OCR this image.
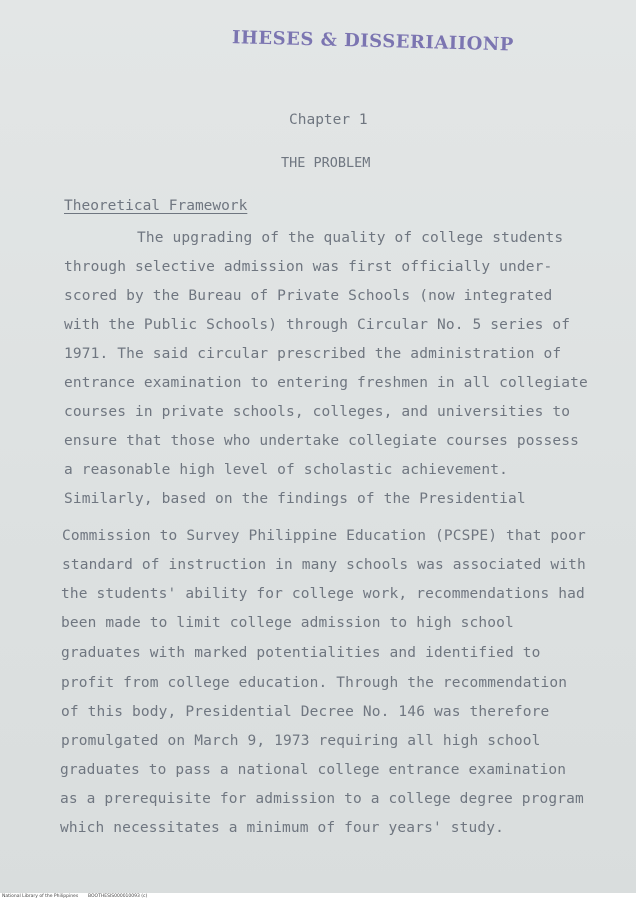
IHESES & DISSERIAIIONP
Chapter 1
THE PROBLEM
Theoretical Framework
The upgrading of the quality of college students
through selective admission was first officially under-
scored by the Bureau of Private Schools (now integrated
with the Public Schools) through Circular No. 5 series of
1971. The said circular prescribed the administration of
entrance examination to entering freshmen in all collegiate
courses in private schools, colleges, and universities to
ensure that those who undertake collegiate courses possess
a reasonable high level of scholastic achievement.
Similarly, based on the findings of the Presidential
Commission to Survey Philippine Education (PCSPE) that poor
standard of instruction in many schools was associated with
the students' ability for college work, recommendations had
been made to limit college admission to high school
graduates with marked potentialities and identified to
profit from college education. Through the recommendation
of this body, Presidential Decree No. 146 was therefore
promulgated on March 9, 1973 requiring all high school
graduates to pass a national college entrance examination
as a prerequisite for admission to a college degree program
which necessitates a minimum of four years' study.
National Library of the Philippines BOOTHESIS000010093 (c)
